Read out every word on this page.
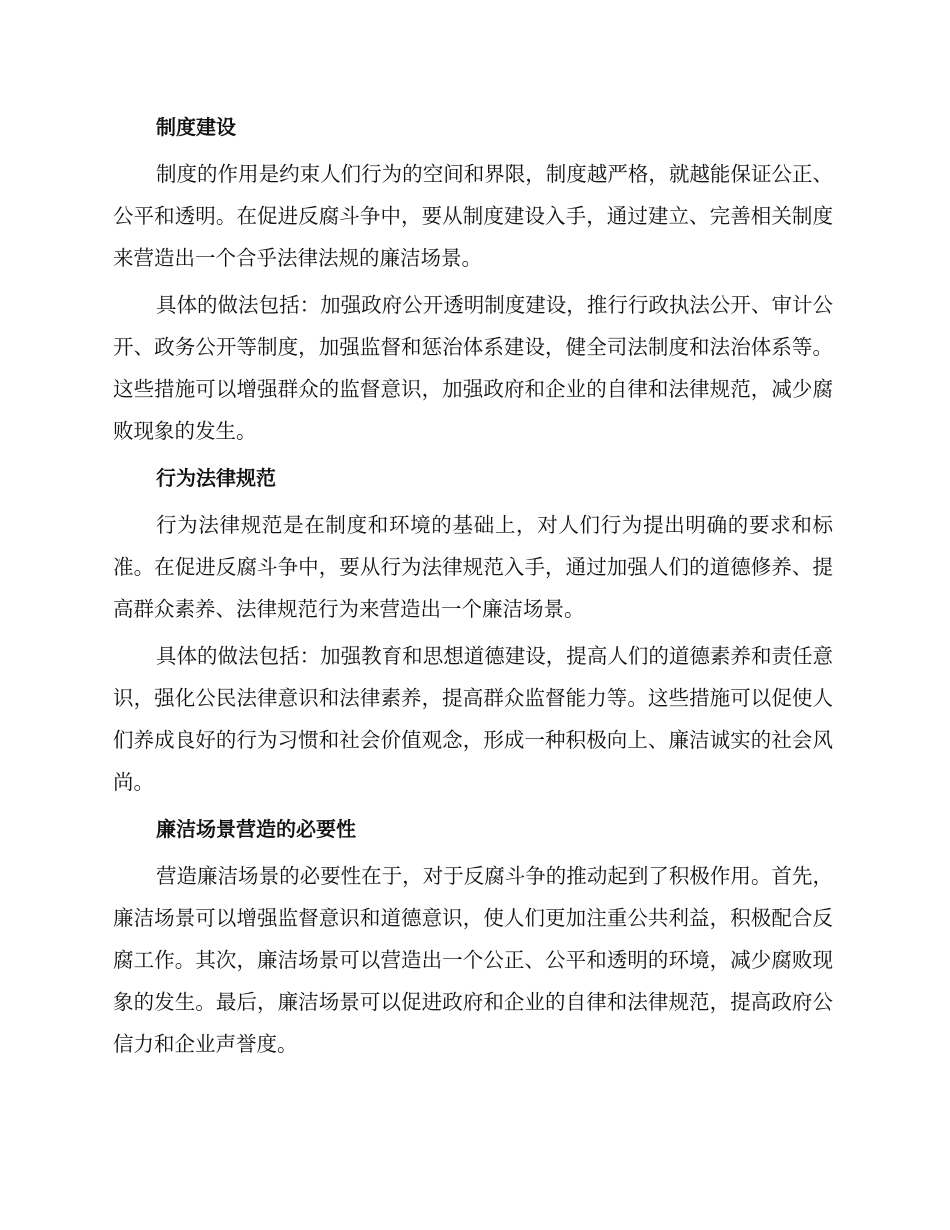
制度建设

制度的作用是约束人们行为的空间和界限，制度越严格，就越能保证公正、公平和透明。在促进反腐斗争中，要从制度建设入手，通过建立、完善相关制度来营造出一个合乎法律法规的廉洁场景。

具体的做法包括：加强政府公开透明制度建设，推行行政执法公开、审计公开、政务公开等制度，加强监督和惩治体系建设，健全司法制度和法治体系等。这些措施可以增强群众的监督意识，加强政府和企业的自律和法律规范，减少腐败现象的发生。

行为法律规范

行为法律规范是在制度和环境的基础上，对人们行为提出明确的要求和标准。在促进反腐斗争中，要从行为法律规范入手，通过加强人们的道德修养、提高群众素养、法律规范行为来营造出一个廉洁场景。

具体的做法包括：加强教育和思想道德建设，提高人们的道德素养和责任意识，强化公民法律意识和法律素养，提高群众监督能力等。这些措施可以促使人们养成良好的行为习惯和社会价值观念，形成一种积极向上、廉洁诚实的社会风尚。

廉洁场景营造的必要性

营造廉洁场景的必要性在于，对于反腐斗争的推动起到了积极作用。首先，廉洁场景可以增强监督意识和道德意识，使人们更加注重公共利益，积极配合反腐工作。其次，廉洁场景可以营造出一个公正、公平和透明的环境，减少腐败现象的发生。最后，廉洁场景可以促进政府和企业的自律和法律规范，提高政府公信力和企业声誉度。
